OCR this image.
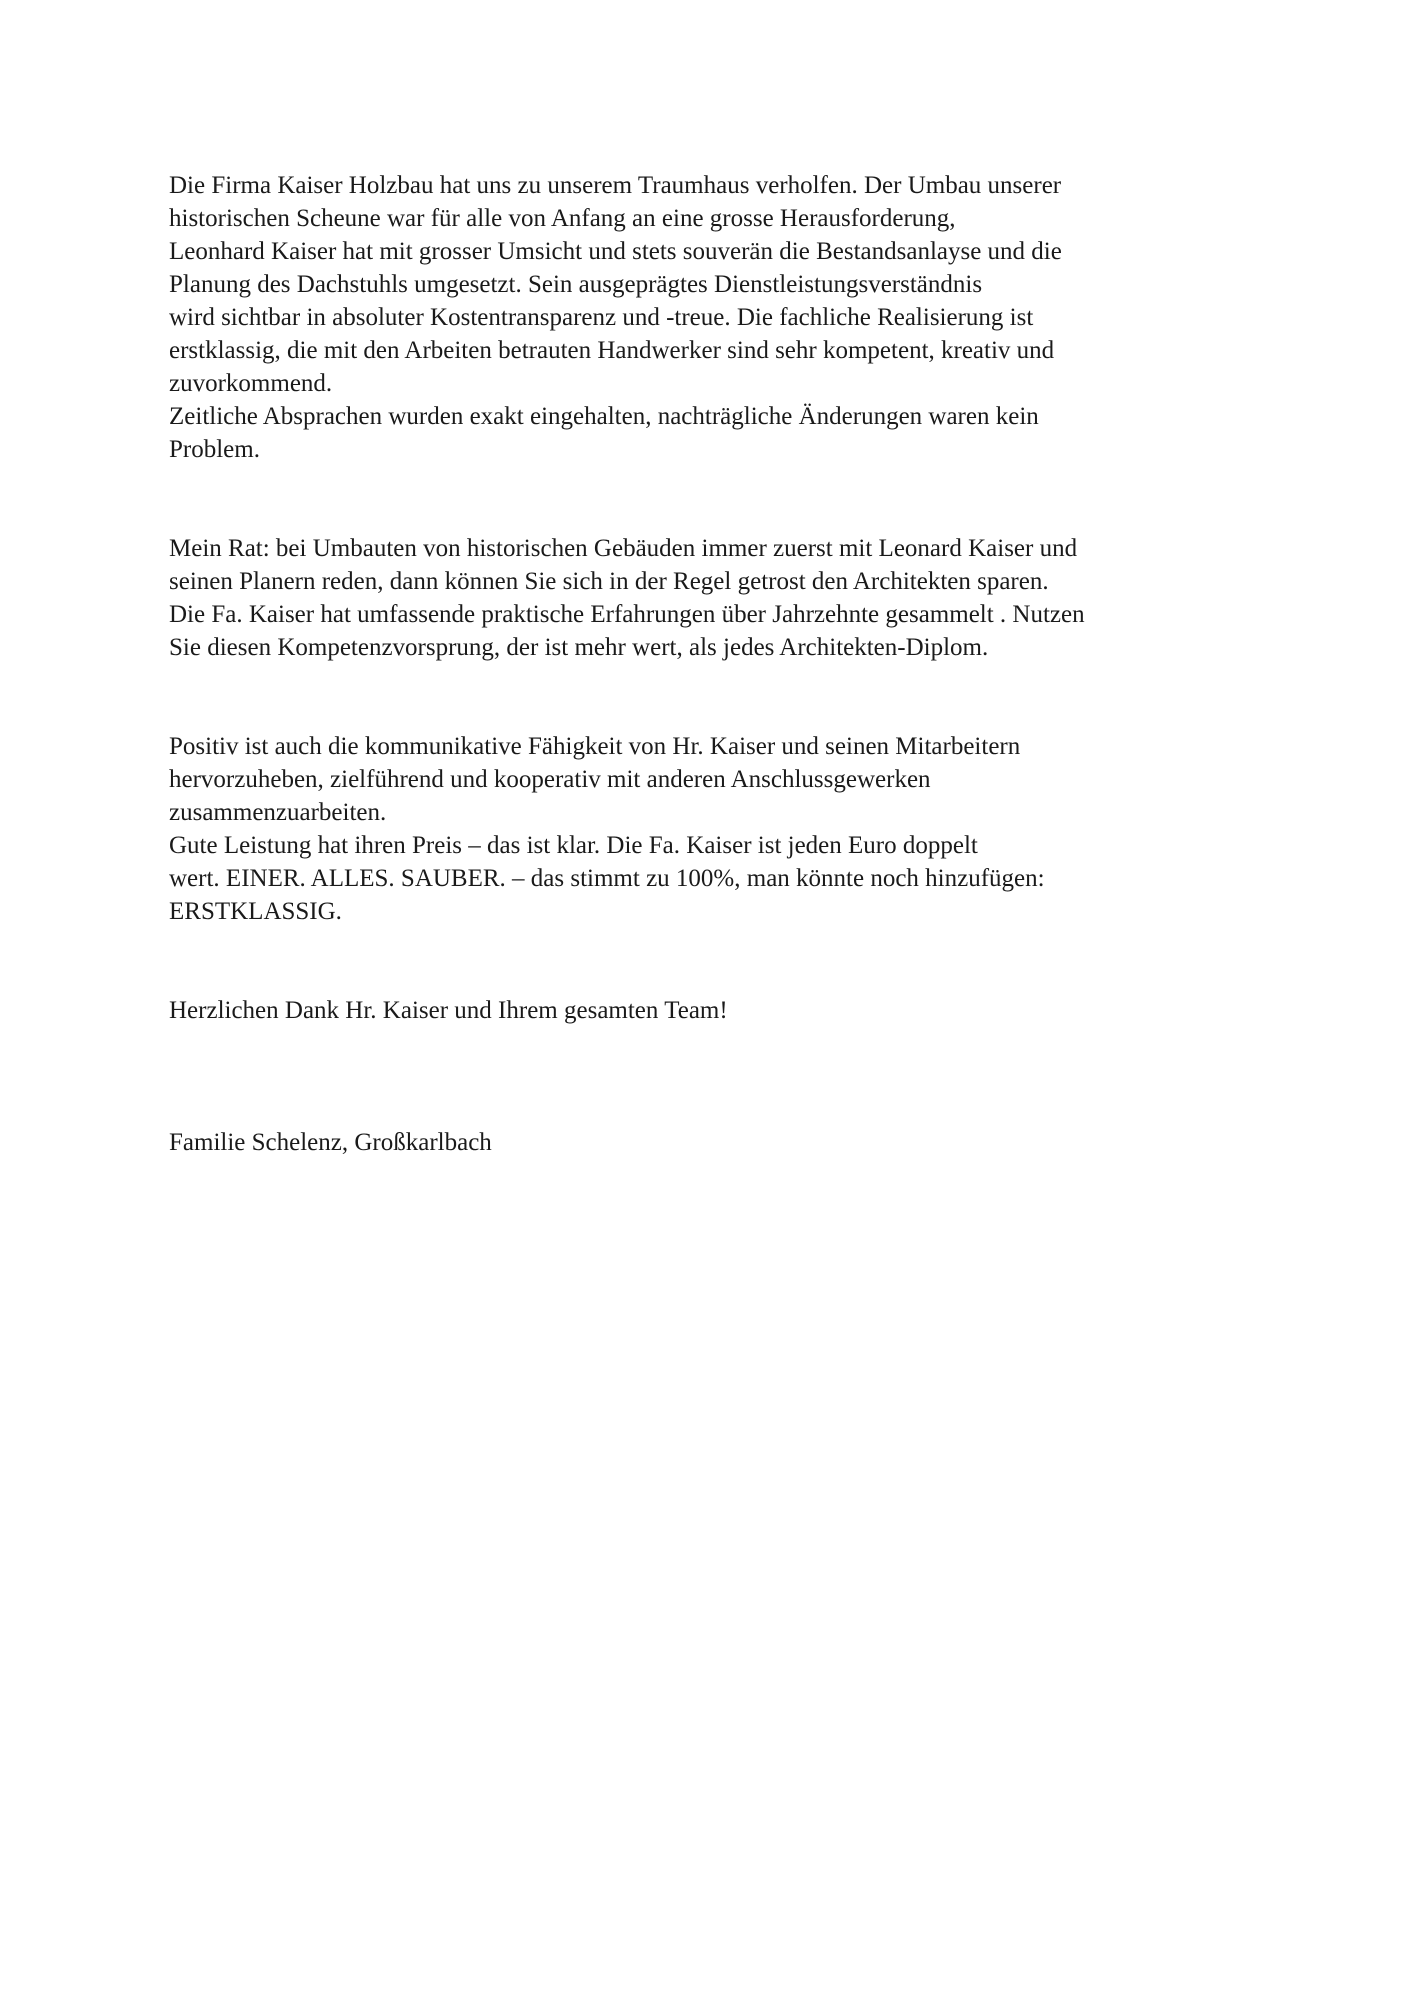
Die Firma Kaiser Holzbau hat uns zu unserem Traumhaus verholfen. Der Umbau unserer
historischen Scheune war für alle von Anfang an eine grosse Herausforderung,
Leonhard Kaiser hat mit grosser Umsicht und stets souverän die Bestandsanlayse und die
Planung des Dachstuhls umgesetzt. Sein ausgeprägtes Dienstleistungsverständnis
wird sichtbar in absoluter Kostentransparenz und -treue. Die fachliche Realisierung ist
erstklassig, die mit den Arbeiten betrauten Handwerker sind sehr kompetent, kreativ und
zuvorkommend.
Zeitliche Absprachen wurden exakt eingehalten, nachträgliche Änderungen waren kein
Problem.
Mein Rat: bei Umbauten von historischen Gebäuden immer zuerst mit Leonard Kaiser und
seinen Planern reden, dann können Sie sich in der Regel getrost den Architekten sparen.
Die Fa. Kaiser hat umfassende praktische Erfahrungen über Jahrzehnte gesammelt . Nutzen
Sie diesen Kompetenzvorsprung, der ist mehr wert, als jedes Architekten-Diplom.
Positiv ist auch die kommunikative Fähigkeit von Hr. Kaiser und seinen Mitarbeitern
hervorzuheben, zielführend und kooperativ mit anderen Anschlussgewerken
zusammenzuarbeiten.
Gute Leistung hat ihren Preis – das ist klar. Die Fa. Kaiser ist jeden Euro doppelt
wert. EINER. ALLES. SAUBER. – das stimmt zu 100%, man könnte noch hinzufügen:
ERSTKLASSIG.
Herzlichen Dank Hr. Kaiser und Ihrem gesamten Team!
Familie Schelenz, Großkarlbach
